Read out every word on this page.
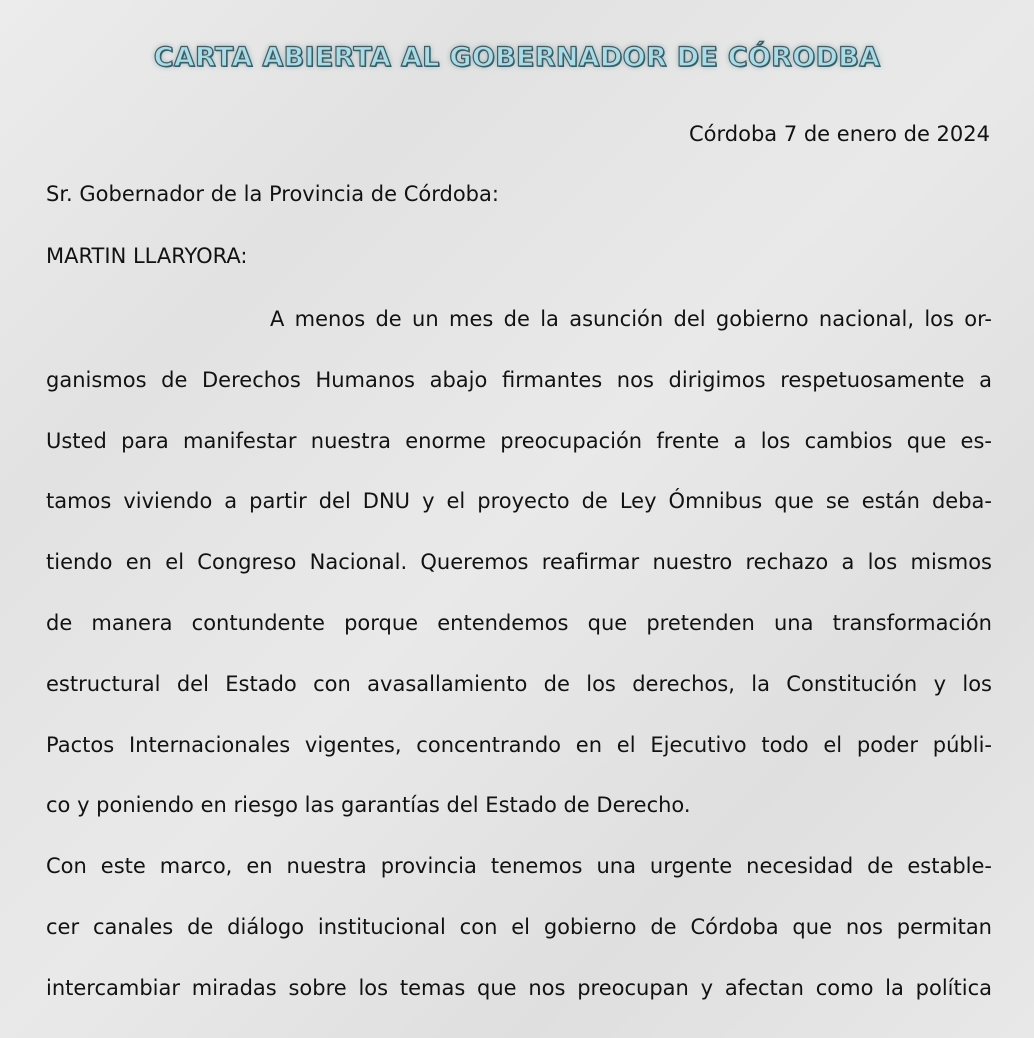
CARTA ABIERTA AL GOBERNADOR DE CÓRODBA
Córdoba 7 de enero de 2024
Sr. Gobernador de la Provincia de Córdoba:
MARTIN LLARYORA:
A menos de un mes de la asunción del gobierno nacional, los or-
ganismos de Derechos Humanos abajo firmantes nos dirigimos respetuosamente a
Usted para manifestar nuestra enorme preocupación frente a los cambios que es-
tamos viviendo a partir del DNU y el proyecto de Ley Ómnibus que se están deba-
tiendo en el Congreso Nacional. Queremos reafirmar nuestro rechazo a los mismos
de manera contundente porque entendemos que pretenden una transformación
estructural del Estado con avasallamiento de los derechos, la Constitución y los
Pactos Internacionales vigentes, concentrando en el Ejecutivo todo el poder públi-
co y poniendo en riesgo las garantías del Estado de Derecho.
Con este marco, en nuestra provincia tenemos una urgente necesidad de estable-
cer canales de diálogo institucional con el gobierno de Córdoba que nos permitan
intercambiar miradas sobre los temas que nos preocupan y afectan como la política
